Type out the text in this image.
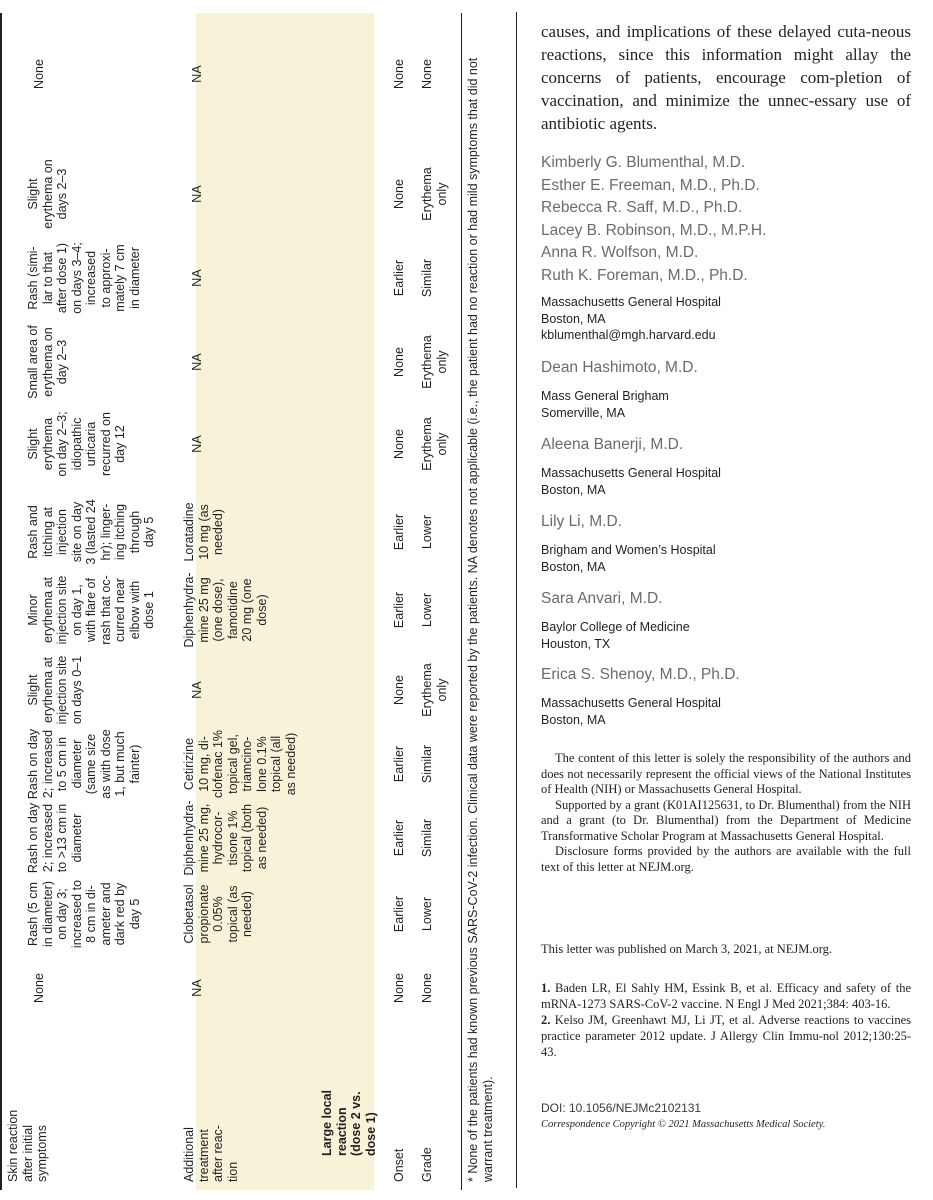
Skin reaction
after initial
symptoms
None
Rash (5 cm
in diameter)
on day 3;
increased to
8 cm in di-
ameter and
dark red by
day 5
Rash on day
2; increased
to >13 cm in
diameter
Rash on day
2; increased
to 5 cm in
diameter
(same size
as with dose
1, but much
fainter)
Slight
erythema at
injection site
on days 0–1
Minor
erythema at
injection site
on day 1,
with flare of
rash that oc-
curred near
elbow with
dose 1
Rash and
itching at
injection
site on day
3 (lasted 24
hr); linger-
ing itching
through
day 5
Slight
erythema
on day 2–3;
idiopathic
urticaria
recurred on
day 12
Small area of
erythema on
day 2–3
Rash (simi-
lar to that
after dose 1)
on days 3–4;
increased
to approxi-
mately 7 cm
in diameter
Slight
erythema on
days 2–3
None
Additional
treatment
after reac-
tion
NA
Clobetasol
propionate
0.05%
topical (as
needed)
Diphenhydra-
mine 25 mg,
hydrocor-
tisone 1%
topical (both
as needed)
Cetirizine
10 mg, di-
clofenac 1%
topical gel,
triamcino-
lone 0.1%
topical (all
as needed)
NA
Diphenhydra-
mine 25 mg
(one dose),
famotidine
20 mg (one
dose)
Loratadine
10 mg (as
needed)
NA
NA
NA
NA
NA
Large local
reaction
(dose 2 vs.
dose 1)
Onset
None
Earlier
Earlier
Earlier
None
Earlier
Earlier
None
None
Earlier
None
None
Grade
None
Lower
Similar
Similar
Erythema
only
Lower
Lower
Erythema
only
Erythema
only
Similar
Erythema
only
None	* None of the patients had known previous SARS-CoV-2 infection. Clinical data were reported by the patients. NA denotes not applicable (i.e., the patient had no reaction or had mild symptoms that did not warrant treatment).
causes, and implications of these delayed cuta-neous reactions, since this information might allay the concerns of patients, encourage com-pletion of vaccination, and minimize the unnec-essary use of antibiotic agents.
Kimberly G. Blumenthal, M.D.
Esther E. Freeman, M.D., Ph.D.
Rebecca R. Saff, M.D., Ph.D.
Lacey B. Robinson, M.D., M.P.H.
Anna R. Wolfson, M.D.
Ruth K. Foreman, M.D., Ph.D.
Massachusetts General Hospital
Boston, MA
kblumenthal@mgh.harvard.edu
Dean Hashimoto, M.D.
Mass General Brigham
Somerville, MA
Aleena Banerji, M.D.
Massachusetts General Hospital
Boston, MA
Lily Li, M.D.
Brigham and Women’s Hospital
Boston, MA
Sara Anvari, M.D.
Baylor College of Medicine
Houston, TX
Erica S. Shenoy, M.D., Ph.D.
Massachusetts General Hospital
Boston, MA

The content of this letter is solely the responsibility of the authors and does not necessarily represent the official views of the National Institutes of Health (NIH) or Massachusetts General Hospital.

Supported by a grant (K01AI125631, to Dr. Blumenthal) from the NIH and a grant (to Dr. Blumenthal) from the Department of Medicine Transformative Scholar Program at Massachusetts General Hospital.

Disclosure forms provided by the authors are available with the full text of this letter at NEJM.org.

This letter was published on March 3, 2021, at NEJM.org.
1. Baden LR, El Sahly HM, Essink B, et al. Efficacy and safety of the mRNA-1273 SARS-CoV-2 vaccine. N Engl J Med 2021;384: 403-16.
2. Kelso JM, Greenhawt MJ, Li JT, et al. Adverse reactions to vaccines practice parameter 2012 update. J Allergy Clin Immu-nol 2012;130:25-43.
DOI: 10.1056/NEJMc2102131
Correspondence Copyright © 2021 Massachusetts Medical Society.
